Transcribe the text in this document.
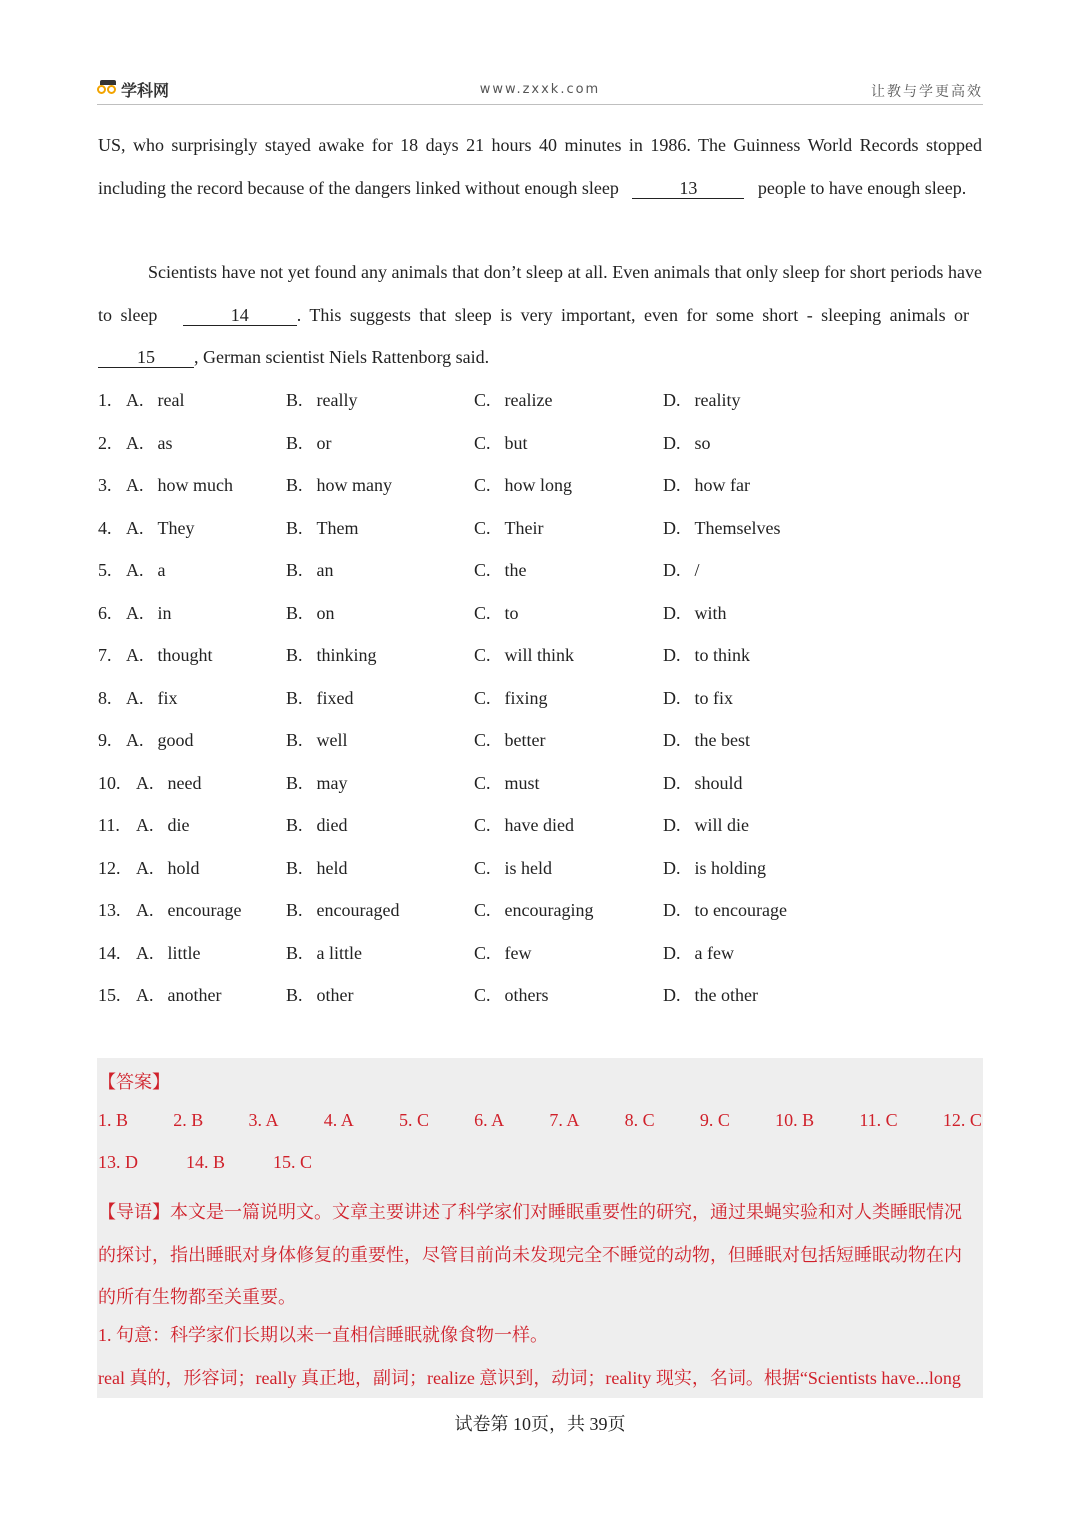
学科网	www.zxxk.com	让教与学更高效
US, who surprisingly stayed awake for 18 days 21 hours 40 minutes in 1986. The Guinness World Records stopped including the record because of the dangers linked without enough sleep	13	people to have enough sleep.
Scientists have not yet found any animals that don’t sleep at all. Even animals that only sleep for short periods have to sleep	14	. This suggests that sleep is very important, even for some short - sleeping animals or  15 , German scientist Niels Rattenborg said.
1. A. real	B. really	C. realize	D. reality
2. A. as	B. or	C. but	D. so
3. A. how much	B. how many	C. how long	D. how far
4. A. They	B. Them	C. Their	D. Themselves
5. A. a	B. an	C. the	D. /
6. A. in	B. on	C. to	D. with
7. A. thought	B. thinking	C. will think	D. to think
8. A. fix	B. fixed	C. fixing	D. to fix
9. A. good	B. well	C. better	D. the best
10. A. need	B. may	C. must	D. should
11. A. die	B. died	C. have died	D. will die
12. A. hold	B. held	C. is held	D. is holding
13. A. encourage B. encouraged	C. encouraging	D. to encourage
14. A. little	B. a little	C. few	D. a few
15. A. another	B. other	C. others	D. the other
【答案】
1. B	2. B	3. A	4. A	5. C	6. A	7. A	8. C	9. C	10. B	11. C	12. C
13. D	14. B	15. C
【导语】本文是一篇说明文。文章主要讲述了科学家们对睡眠重要性的研究，通过果蝇实验和对人类睡眠情况的探讨，指出睡眠对身体修复的重要性，尽管目前尚未发现完全不睡觉的动物，但睡眠对包括短睡眠动物在内的所有生物都至关重要。
1. 句意：科学家们长期以来一直相信睡眠就像食物一样。
real 真的，形容词；really 真正地，副词；realize 意识到，动词；reality 现实，名词。根据“Scientists have...long
试卷第 10页，共 39页
